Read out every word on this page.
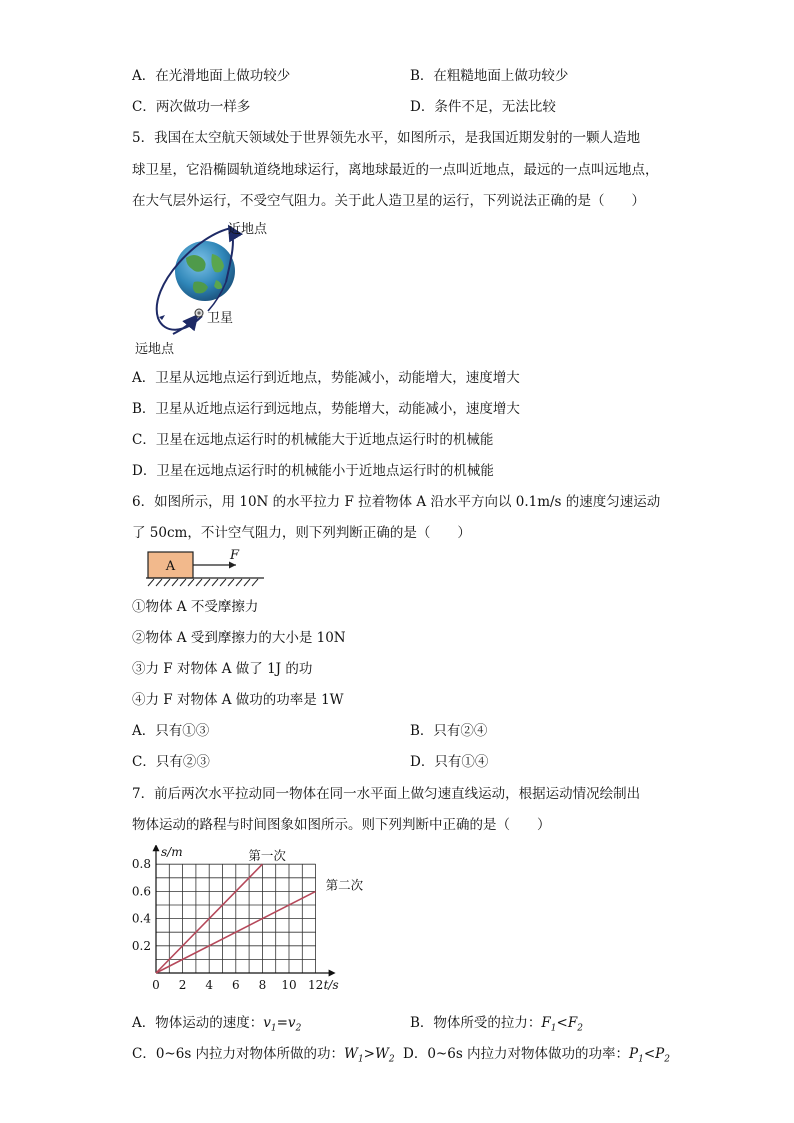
A．在光滑地面上做功较少	B．在粗糙地面上做功较少
C．两次做功一样多	D．条件不足，无法比较
5．我国在太空航天领域处于世界领先水平，如图所示，是我国近期发射的一颗人造地
球卫星，它沿椭圆轨道绕地球运行，离地球最近的一点叫近地点，最远的一点叫远地点，
在大气层外运行，不受空气阻力。关于此人造卫星的运行，下列说法正确的是（　　）
近地点
卫星
远地点
A．卫星从远地点运行到近地点，势能减小，动能增大，速度增大
B．卫星从近地点运行到远地点，势能增大，动能减小，速度增大
C．卫星在远地点运行时的机械能大于近地点运行时的机械能
D．卫星在远地点运行时的机械能小于近地点运行时的机械能
6．如图所示，用 10N 的水平拉力 F 拉着物体 A 沿水平方向以 0.1m/s 的速度匀速运动
了 50cm，不计空气阻力，则下列判断正确的是（　　）
A
F
①物体 A 不受摩擦力
②物体 A 受到摩擦力的大小是 10N
③力 F 对物体 A 做了 1J 的功
④力 F 对物体 A 做功的功率是 1W
A．只有①③	B．只有②④
C．只有②③	D．只有①④
7．前后两次水平拉动同一物体在同一水平面上做匀速直线运动，根据运动情况绘制出
物体运动的路程与时间图象如图所示。则下列判断中正确的是（　　）
0 2 4 6 8 10 12
0.2
0.4
0.6
0.8
t/s
s/m	第一次
第二次
A．物体运动的速度：$v_1=v_2$	B．物体所受的拉力：$F_1<F_2$
C．0~6s 内拉力对物体所做的功：$W_1>W_2$ D．0~6s 内拉力对物体做功的功率：$P_1<P_2$
